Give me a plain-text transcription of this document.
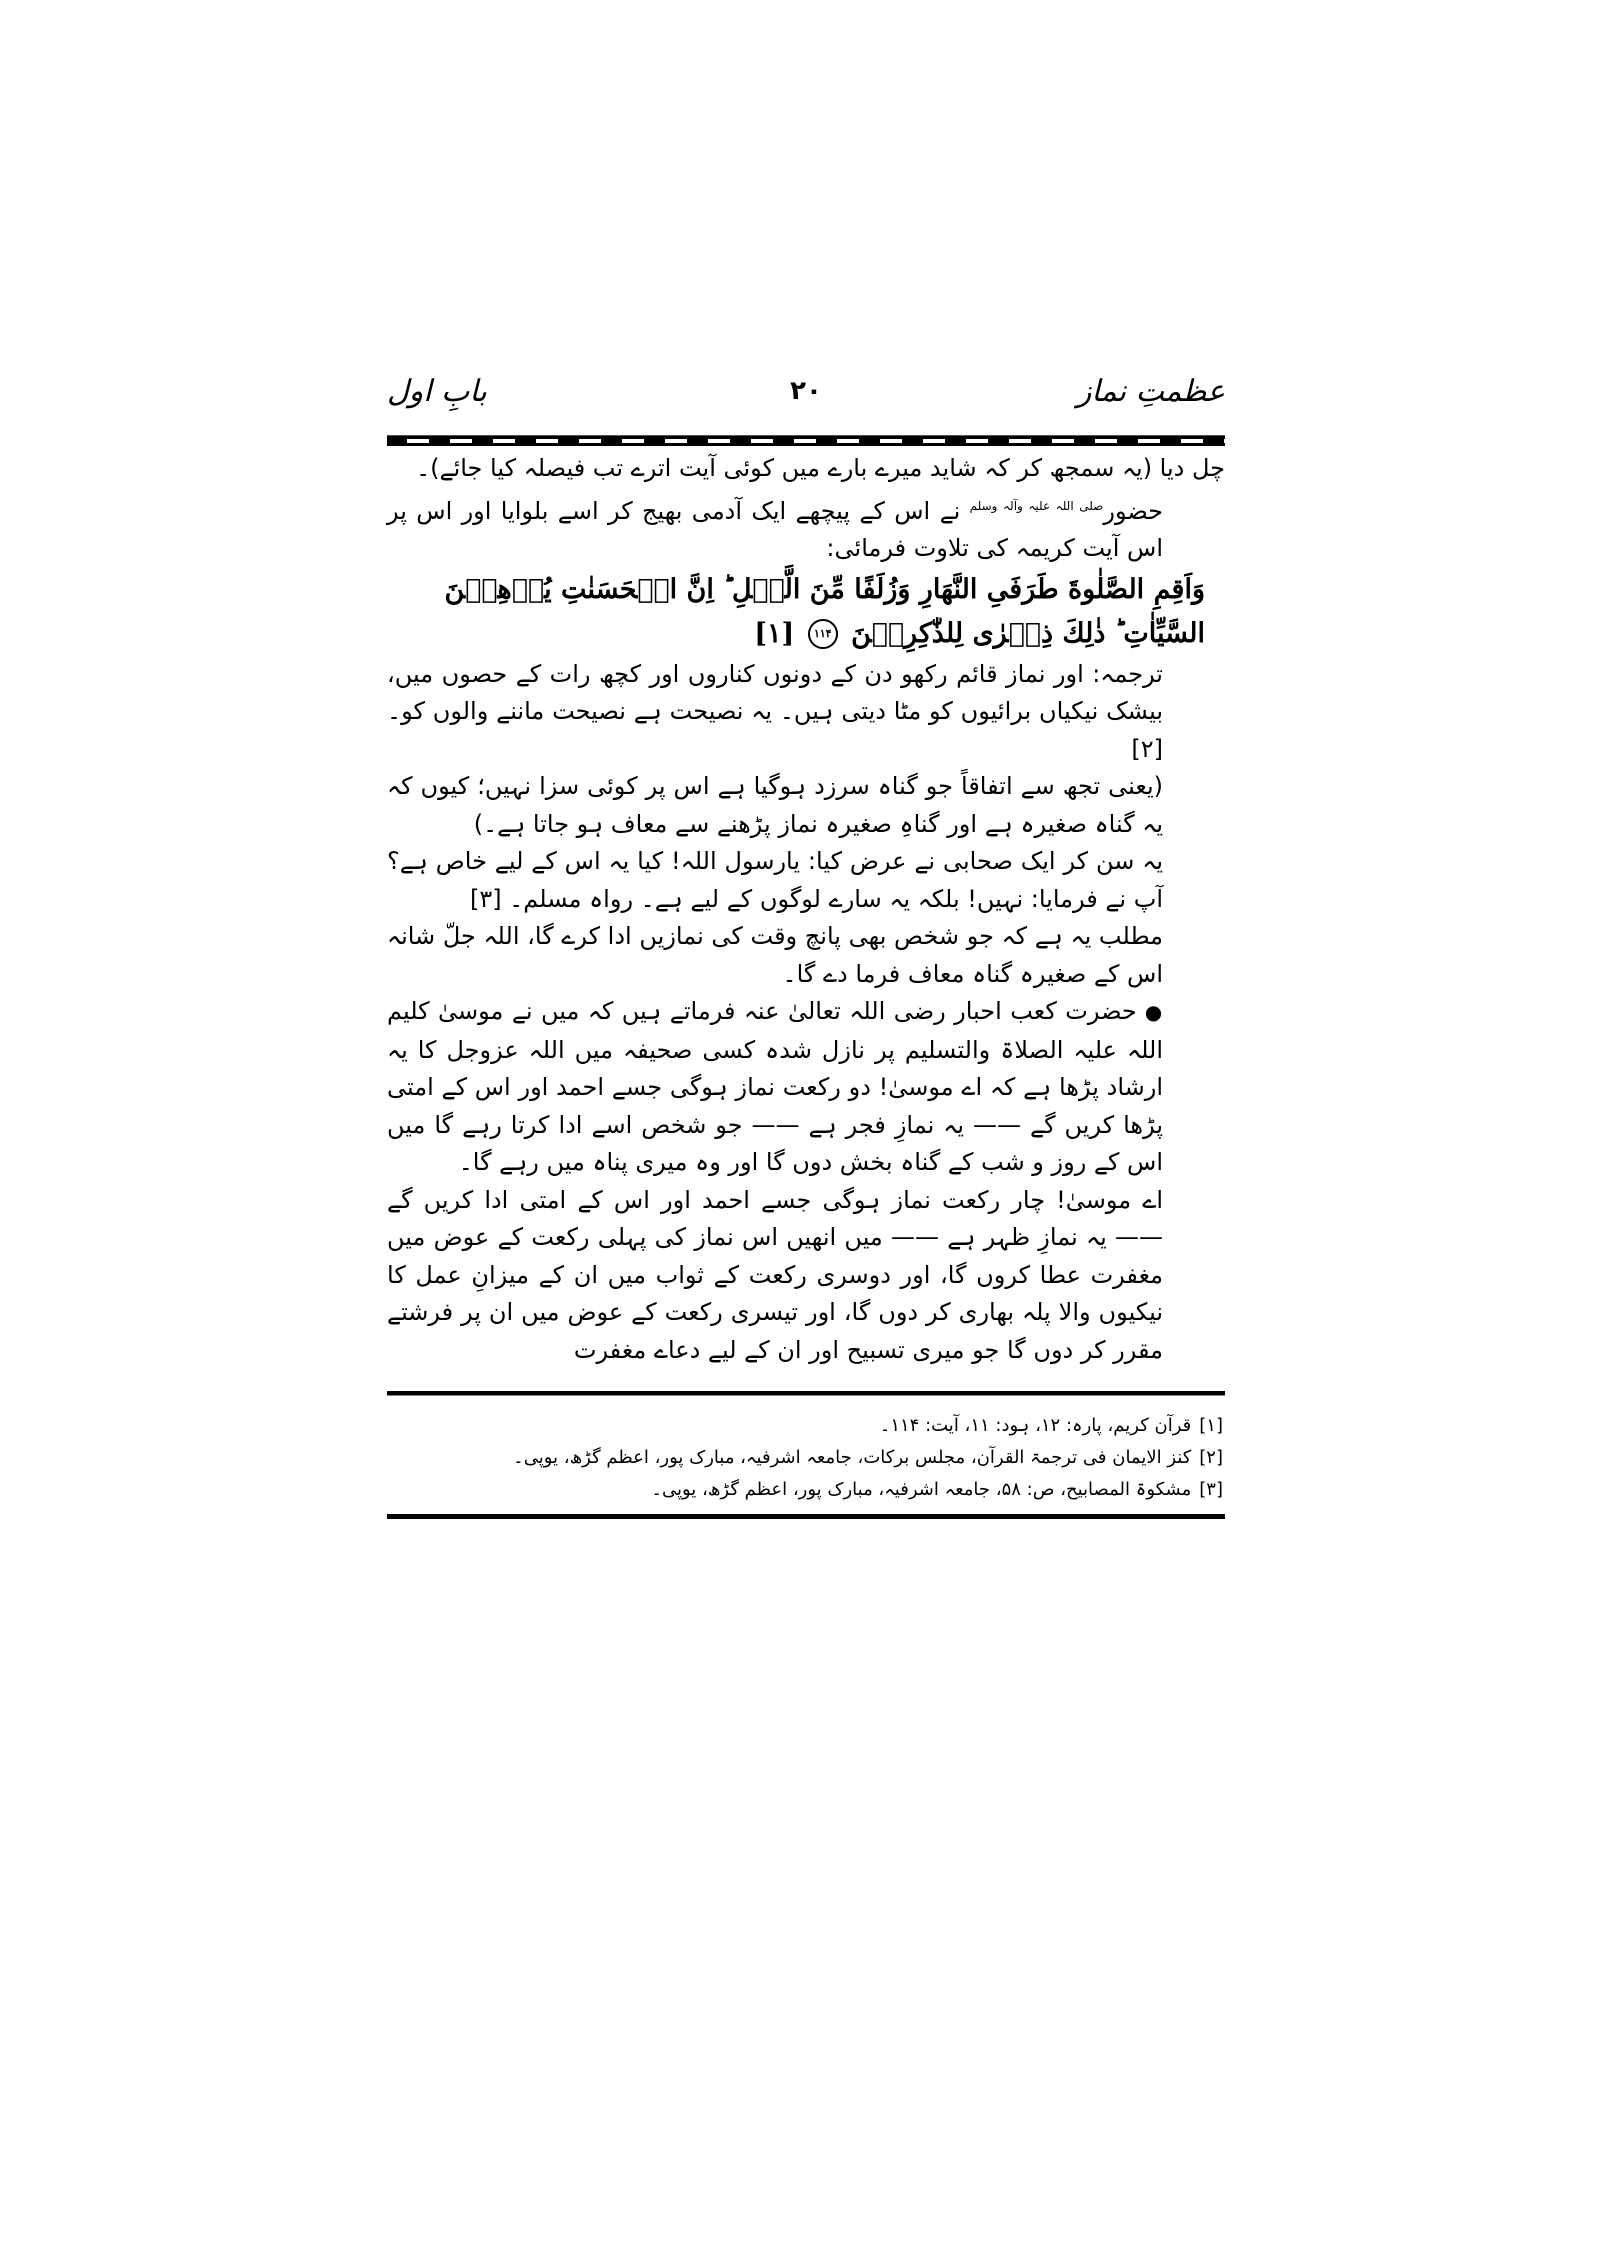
عظمتِ نماز
۲۰
بابِ اول

چل دیا (یہ سمجھ کر کہ شاید میرے بارے میں کوئی آیت اترے تب فیصلہ کیا جائے)۔

حضور$^{صلی اللہ علیہ وآلہ وسلم}$ نے اس کے پیچھے ایک آدمی بھیج کر اسے بلوایا اور اس پر اس آیت کریمہ کی تلاوت فرمائی:

وَاَقِمِ الصَّلٰوةَ طَرَفَیِ النَّهَارِ وَزُلَفًا مِّنَ الَّیۡلِ ؕ اِنَّ الۡحَسَنٰتِ یُذۡهِبۡنَ
السَّیِّاٰتِ ؕ ذٰلِكَ ذِكۡرٰی لِلذّٰكِرِیۡنَ ۱۱۴ [۱]

ترجمہ: اور نماز قائم رکھو دن کے دونوں کناروں اور کچھ رات کے حصوں میں، بیشک نیکیاں برائیوں کو مٹا دیتی ہیں۔ یہ نصیحت ہے نصیحت ماننے والوں کو۔ [۲]

(یعنی تجھ سے اتفاقاً جو گناہ سرزد ہوگیا ہے اس پر کوئی سزا نہیں؛ کیوں کہ یہ گناہ صغیرہ ہے اور گناہِ صغیرہ نماز پڑھنے سے معاف ہو جاتا ہے۔)

یہ سن کر ایک صحابی نے عرض کیا: یارسول اللہ! کیا یہ اس کے لیے خاص ہے؟ آپ نے فرمایا: نہیں! بلکہ یہ سارے لوگوں کے لیے ہے۔ رواہ مسلم۔ [۳]

مطلب یہ ہے کہ جو شخص بھی پانچ وقت کی نمازیں ادا کرے گا، اللہ جلّ شانہ اس کے صغیرہ گناہ معاف فرما دے گا۔

●حضرت کعب احبار رضی اللہ تعالیٰ عنہ فرماتے ہیں کہ میں نے موسیٰ کلیم اللہ علیہ الصلاۃ والتسلیم پر نازل شدہ کسی صحیفہ میں اللہ عزوجل کا یہ ارشاد پڑھا ہے کہ اے موسیٰ! دو رکعت نماز ہوگی جسے احمد اور اس کے امتی پڑھا کریں گے —— یہ نمازِ فجر ہے —— جو شخص اسے ادا کرتا رہے گا میں اس کے روز و شب کے گناہ بخش دوں گا اور وہ میری پناہ میں رہے گا۔

اے موسیٰ! چار رکعت نماز ہوگی جسے احمد اور اس کے امتی ادا کریں گے —— یہ نمازِ ظہر ہے —— میں انھیں اس نماز کی پہلی رکعت کے عوض میں مغفرت عطا کروں گا، اور دوسری رکعت کے ثواب میں ان کے میزانِ عمل کا نیکیوں والا پلہ بھاری کر دوں گا، اور تیسری رکعت کے عوض میں ان پر فرشتے مقرر کر دوں گا جو میری تسبیح اور ان کے لیے دعاے مغفرت

[۱]قرآن کریم، پارہ: ۱۲، ہود: ۱۱، آیت: ۱۱۴۔

[۲]کنز الایمان فی ترجمۃ القرآن، مجلس برکات، جامعہ اشرفیہ، مبارک پور، اعظم گڑھ، یوپی۔

[۳]مشکوۃ المصابیح، ص: ۵۸، جامعہ اشرفیہ، مبارک پور، اعظم گڑھ، یوپی۔
